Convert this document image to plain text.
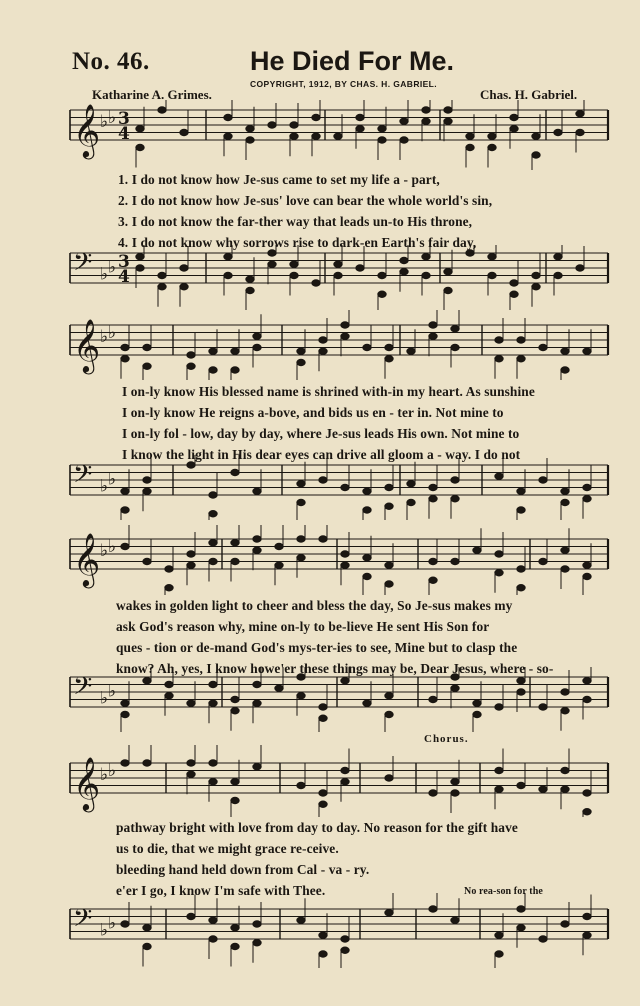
No. 46.	He Died For Me.
COPYRIGHT, 1912, BY CHAS. H. GABRIEL.
Katharine A. Grimes.	Chas. H. Gabriel.
Chorus.
𝄞 ♭ ♭ 3
4
𝄢 ♭ ♭ 3
4
1. I do not know how Je-sus came to set my life a - part,
2. I do not know how Je-sus' love can bear the whole world's sin,
3. I do not know the far-ther way that leads un-to His throne,
4. I do not know why sorrows rise to dark-en Earth's fair day,
𝄞 ♭ ♭
𝄢 ♭ ♭
I on-ly know His blessed name is shrined with-in my heart. As sunshine
I on-ly know He reigns a-bove, and bids us en - ter in. Not mine to
I on-ly fol - low, day by day, where Je-sus leads His own. Not mine to
I know the light in His dear eyes can drive all gloom a - way. I do not
𝄞 ♭ ♭
𝄢 ♭ ♭
wakes in golden light to cheer and bless the day, So Je-sus makes my
ask God's reason why, mine on-ly to be-lieve He sent His Son for
ques - tion or de-mand God's mys-ter-ies to see, Mine but to clasp the
know? Ah, yes, I know howe'er these things may be, Dear Jesus, where - so-
𝄞 ♭ ♭
𝄢 ♭ ♭
pathway bright with love from day to day. No reason for the gift have
us to die, that we might grace re-ceive.
bleeding hand held down from Cal - va - ry.
e'er I go, I know I'm safe with Thee.	No rea-son for the
